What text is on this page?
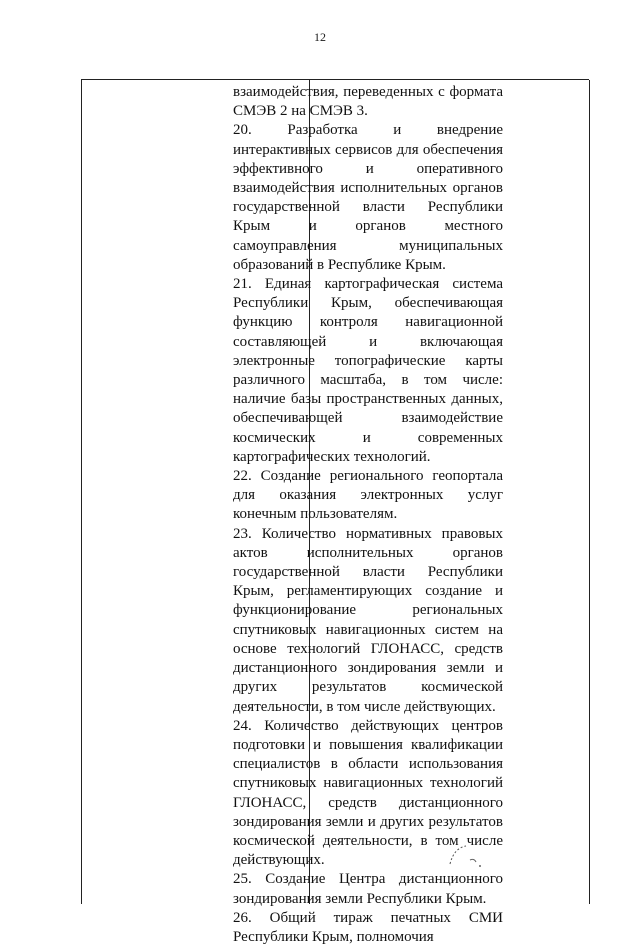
12

взаимодействия, переведенных с формата СМЭВ 2 на СМЭВ 3.

20. Разработка и внедрение интерактивных сервисов для обеспечения эффективного и оперативного взаимодействия исполнительных органов государственной власти Республики Крым и органов местного самоуправления муниципальных образований в Республике Крым.

21. Единая картографическая система Республики Крым, обеспечивающая функцию контроля навигационной составляющей и включающая электронные топографические карты различного масштаба, в том числе: наличие базы пространственных данных, обеспечивающей взаимодействие космических и современных картографических технологий.

22. Создание регионального геопортала для оказания электронных услуг конечным пользователям.

23. Количество нормативных правовых актов исполнительных органов государственной власти Республики Крым, регламентирующих создание и функционирование региональных спутниковых навигационных систем на основе технологий ГЛОНАСС, средств дистанционного зондирования земли и других результатов космической деятельности, в том числе действующих.

24. Количество действующих центров подготовки и повышения квалификации специалистов в области использования спутниковых навигационных технологий ГЛОНАСС, средств дистанционного зондирования земли и других результатов космической деятельности, в том числе действующих.

25. Создание Центра дистанционного зондирования земли Республики Крым.

26. Общий тираж печатных СМИ Республики Крым, полномочия
